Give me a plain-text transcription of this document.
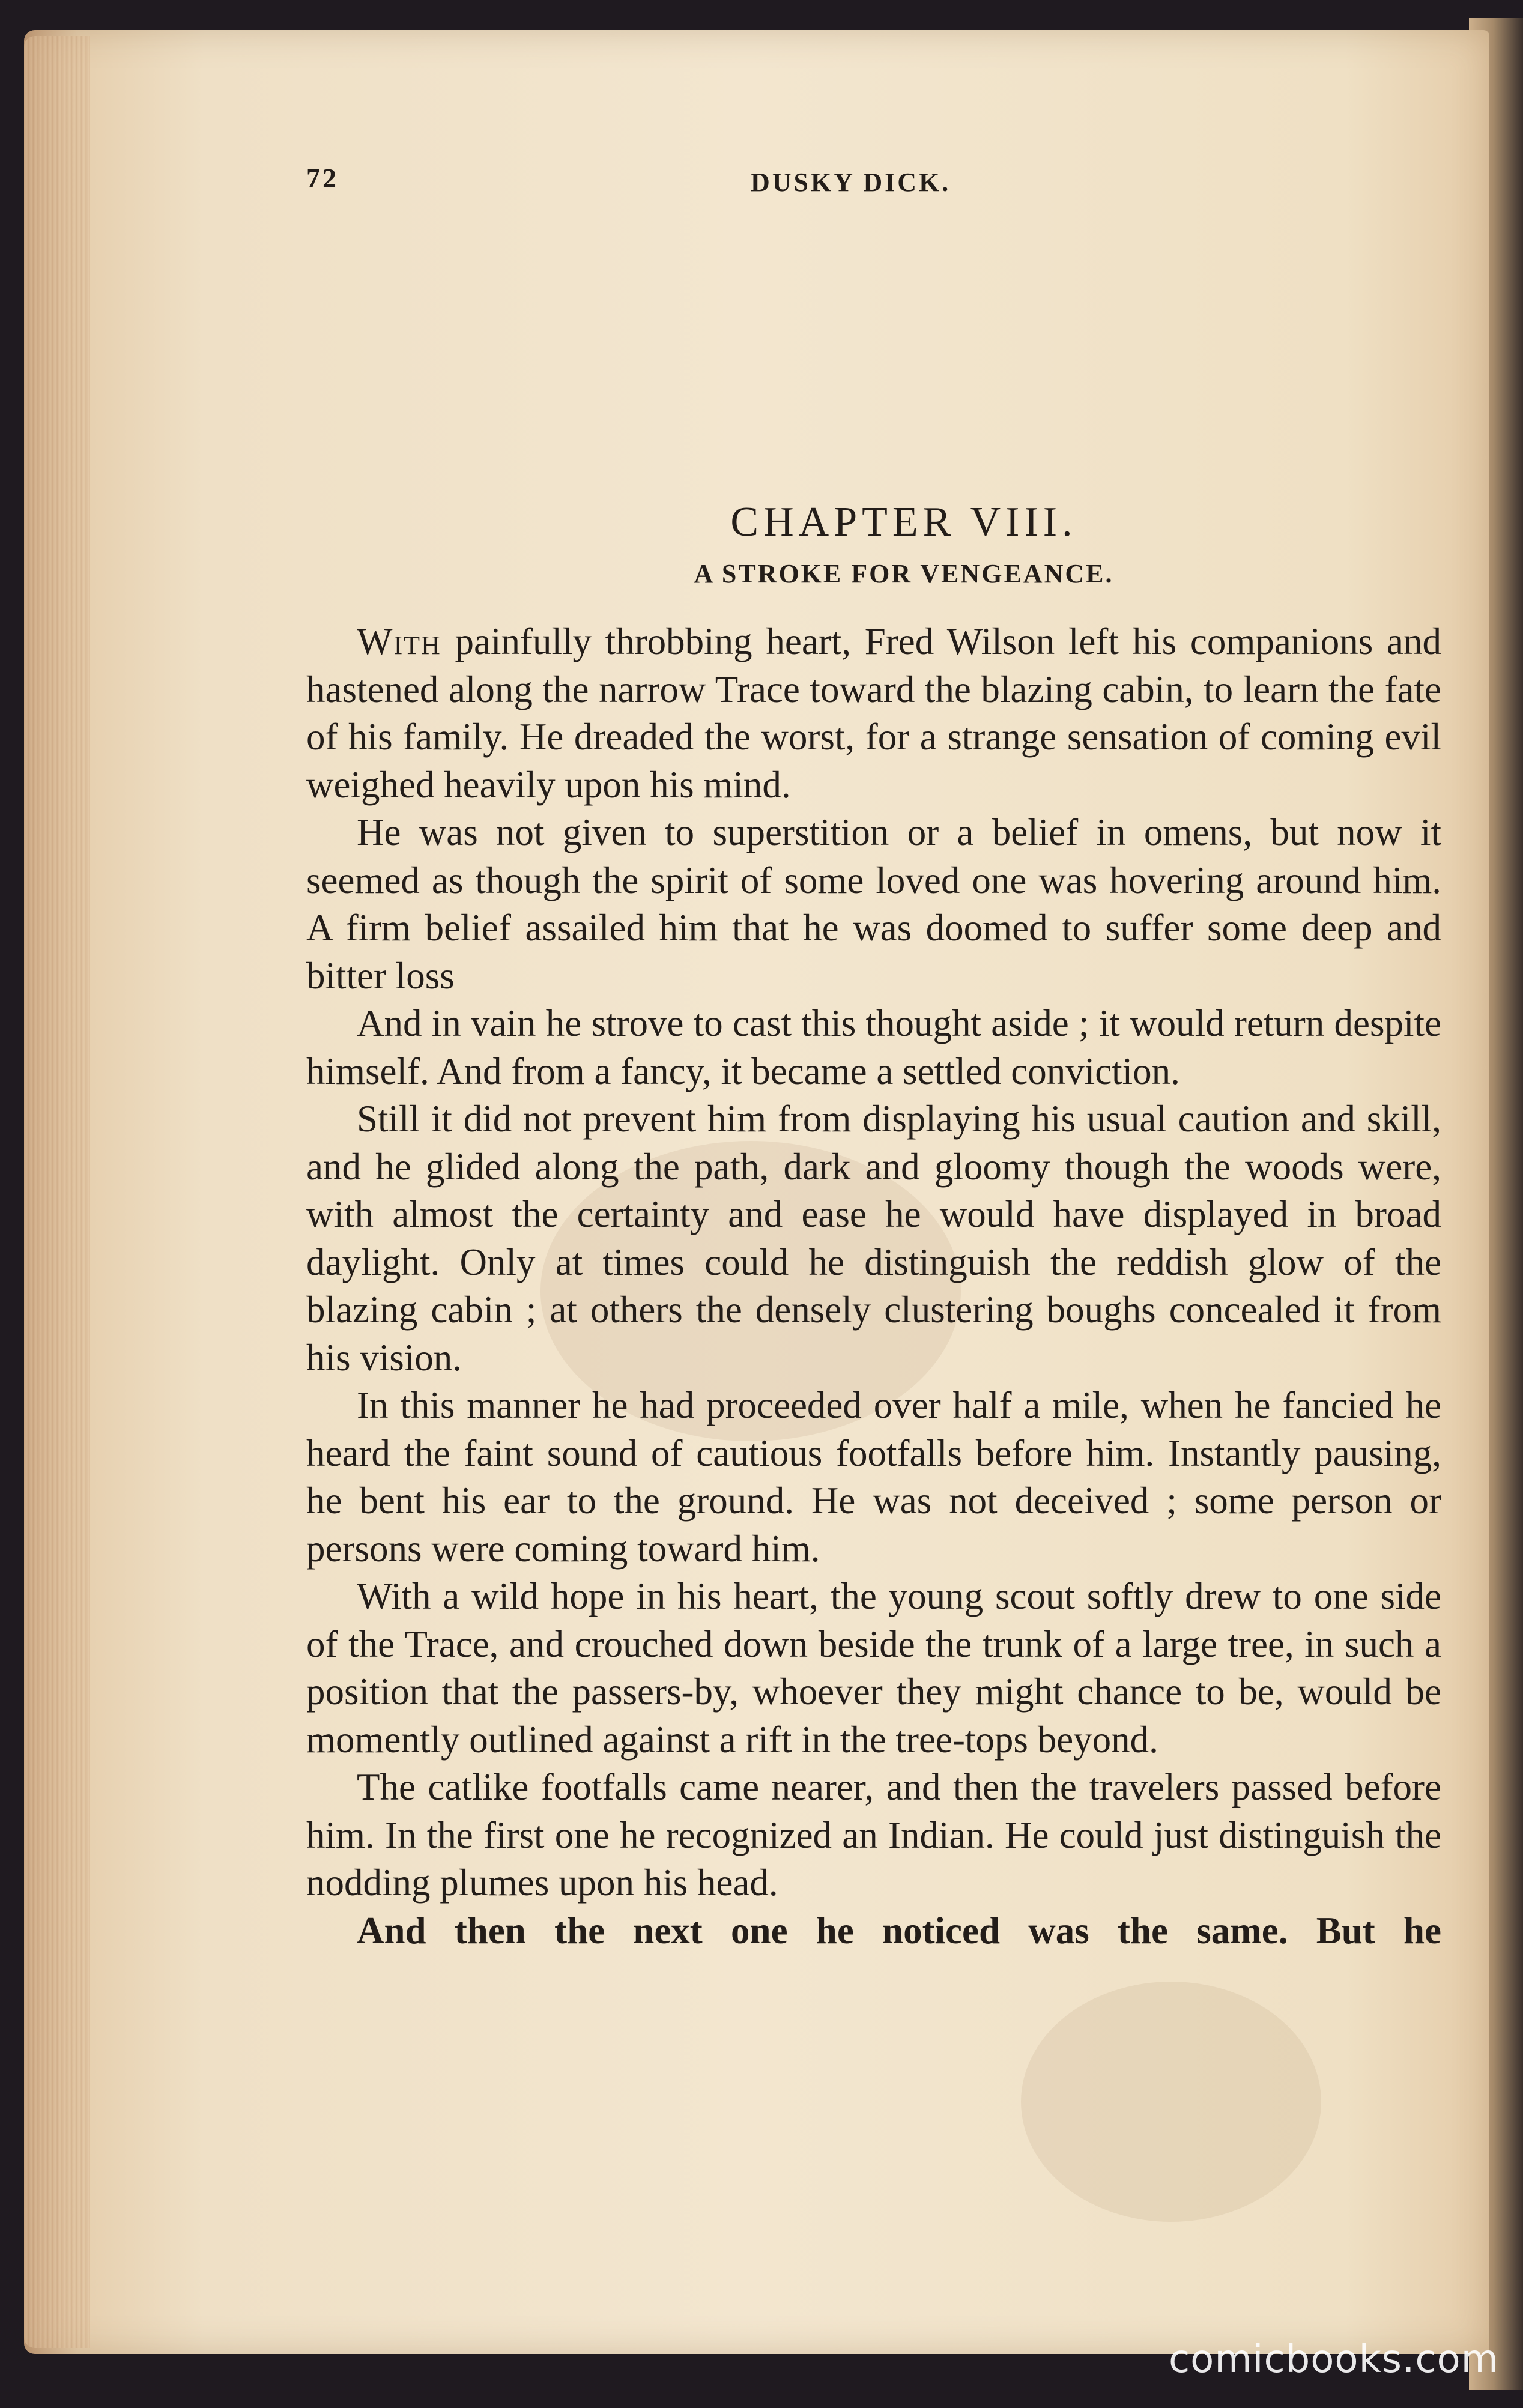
72	DUSKY DICK.
CHAPTER VIII.
A STROKE FOR VENGEANCE.

With painfully throbbing heart, Fred Wilson left his companions and hastened along the narrow Trace toward the blazing cabin, to learn the fate of his family. He dreaded the worst, for a strange sensation of coming evil weighed heavily upon his mind.

He was not given to superstition or a belief in omens, but now it seemed as though the spirit of some loved one was hovering around him. A firm belief assailed him that he was doomed to suffer some deep and bitter loss

And in vain he strove to cast this thought aside ; it would return despite himself. And from a fancy, it became a settled conviction.

Still it did not prevent him from displaying his usual caution and skill, and he glided along the path, dark and gloomy though the woods were, with almost the certainty and ease he would have displayed in broad daylight. Only at times could he distinguish the reddish glow of the blazing cabin ; at others the densely clustering boughs concealed it from his vision.

In this manner he had proceeded over half a mile, when he fancied he heard the faint sound of cautious footfalls before him. Instantly pausing, he bent his ear to the ground. He was not deceived ; some person or persons were coming toward him.

With a wild hope in his heart, the young scout softly drew to one side of the Trace, and crouched down beside the trunk of a large tree, in such a position that the passers-by, whoever they might chance to be, would be momently outlined against a rift in the tree-tops beyond.

The catlike footfalls came nearer, and then the travelers passed before him. In the first one he recognized an Indian. He could just distinguish the nodding plumes upon his head.

And then the next one he noticed was the same. But he

comicbooks.com
